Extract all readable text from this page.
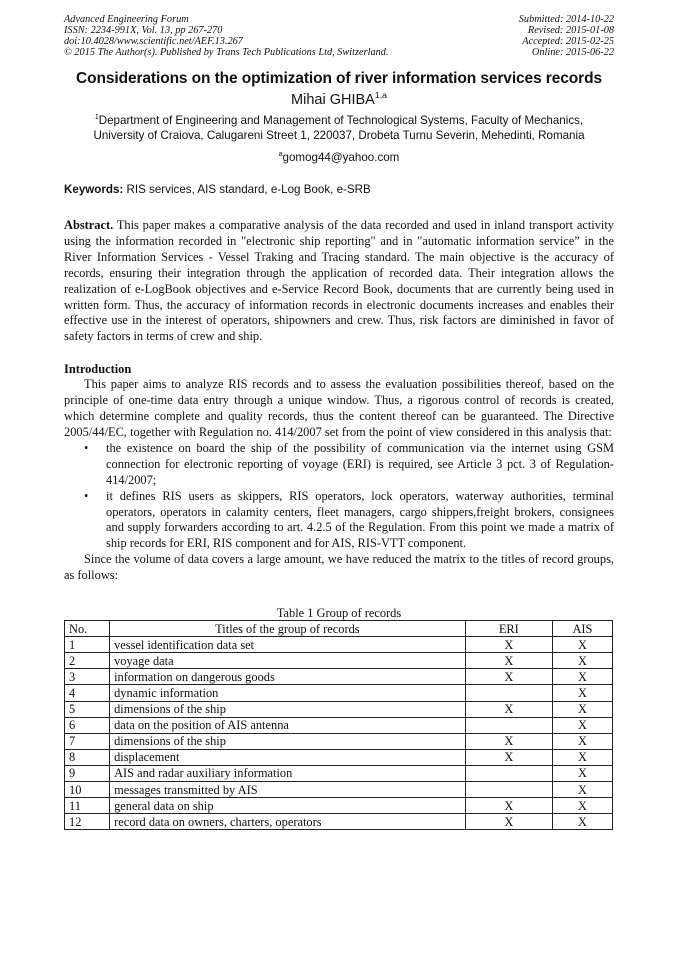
Advanced Engineering Forum
ISSN: 2234-991X, Vol. 13, pp 267-270
doi:10.4028/www.scientific.net/AEF.13.267
© 2015 The Author(s). Published by Trans Tech Publications Ltd, Switzerland.
Submitted: 2014-10-22
Revised: 2015-01-08
Accepted: 2015-02-25
Online: 2015-06-22
Considerations on the optimization of river information services records
Mihai GHIBA$^{1,a}$
$^1$Department of Engineering and Management of Technological Systems, Faculty of Mechanics,
University of Craiova, Calugareni Street 1, 220037, Drobeta Turnu Severin, Mehedinti, Romania
$^a$gomog44@yahoo.com
Keywords: RIS services, AIS standard, e-Log Book, e-SRB

Abstract. This paper makes a comparative analysis of the data recorded and used in inland transport activity using the information recorded in "electronic ship reporting" and in "automatic information service” in the River Information Services - Vessel Traking and Tracing standard. The main objective is the accuracy of records, ensuring their integration through the application of recorded data. Their integration allows the realization of e-LogBook objectives and e-Service Record Book, documents that are currently being used in written form. Thus, the accuracy of information records in electronic documents increases and enables their effective use in the interest of operators, shipowners and crew. Thus, risk factors are diminished in favor of safety factors in terms of crew and ship.

Introduction

This paper aims to analyze RIS records and to assess the evaluation possibilities thereof, based on the principle of one-time data entry through a unique window. Thus, a rigorous control of records is created, which determine complete and quality records, thus the content thereof can be guaranteed. The Directive 2005/44/EC, together with Regulation no. 414/2007 set from the point of view considered in this analysis that:

• the existence on board the ship of the possibility of communication via the internet using GSM connection for electronic reporting of voyage (ERI) is required, see Article 3 pct. 3 of Regulation-414/2007;
• it defines RIS users as skippers, RIS operators, lock operators, waterway authorities, terminal operators, operators in calamity centers, fleet managers, cargo shippers,freight brokers, consignees and supply forwarders according to art. 4.2.5 of the Regulation. From this point we made a matrix of ship records for ERI, RIS component and for AIS, RIS-VTT component.

Since the volume of data covers a large amount, we have reduced the matrix to the titles of record groups, as follows:

Table 1 Group of records
No.	Titles of the group of records	ERI	AIS
1	vessel identification data set	X	X
2	voyage data	X	X
3	information on dangerous goods	X	X
4	dynamic information		X
5	dimensions of the ship	X	X
6	data on the position of AIS antenna		X
7	dimensions of the ship	X	X
8	displacement	X	X
9	AIS and radar auxiliary information		X
10	messages transmitted by AIS		X
11	general data on ship	X	X
12	record data on owners, charters, operators	X	X
